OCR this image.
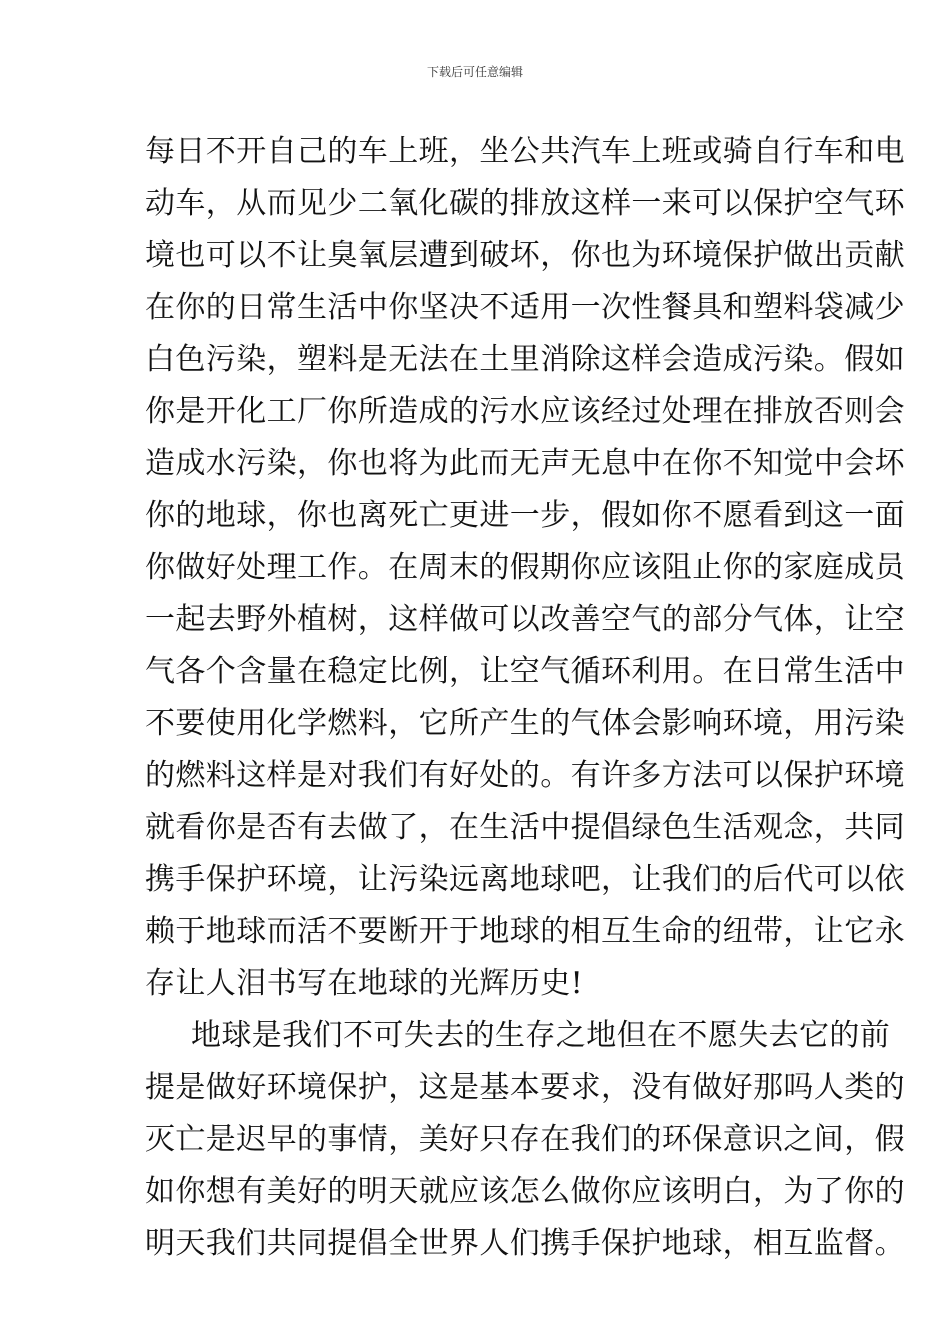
下载后可任意编辑
每日不开自己的车上班，坐公共汽车上班或骑自行车和电
动车，从而见少二氧化碳的排放这样一来可以保护空气环
境也可以不让臭氧层遭到破坏，你也为环境保护做出贡献
在你的日常生活中你坚决不适用一次性餐具和塑料袋减少
白色污染，塑料是无法在土里消除这样会造成污染。假如
你是开化工厂你所造成的污水应该经过处理在排放否则会
造成水污染，你也将为此而无声无息中在你不知觉中会坏
你的地球，你也离死亡更进一步，假如你不愿看到这一面
你做好处理工作。在周末的假期你应该阻止你的家庭成员
一起去野外植树，这样做可以改善空气的部分气体，让空
气各个含量在稳定比例，让空气循环利用。在日常生活中
不要使用化学燃料，它所产生的气体会影响环境，用污染
的燃料这样是对我们有好处的。有许多方法可以保护环境
就看你是否有去做了，在生活中提倡绿色生活观念，共同
携手保护环境，让污染远离地球吧，让我们的后代可以依
赖于地球而活不要断开于地球的相互生命的纽带，让它永
存让人泪书写在地球的光辉历史!
地球是我们不可失去的生存之地但在不愿失去它的前
提是做好环境保护，这是基本要求，没有做好那吗人类的
灭亡是迟早的事情，美好只存在我们的环保意识之间，假
如你想有美好的明天就应该怎么做你应该明白，为了你的
明天我们共同提倡全世界人们携手保护地球，相互监督。
